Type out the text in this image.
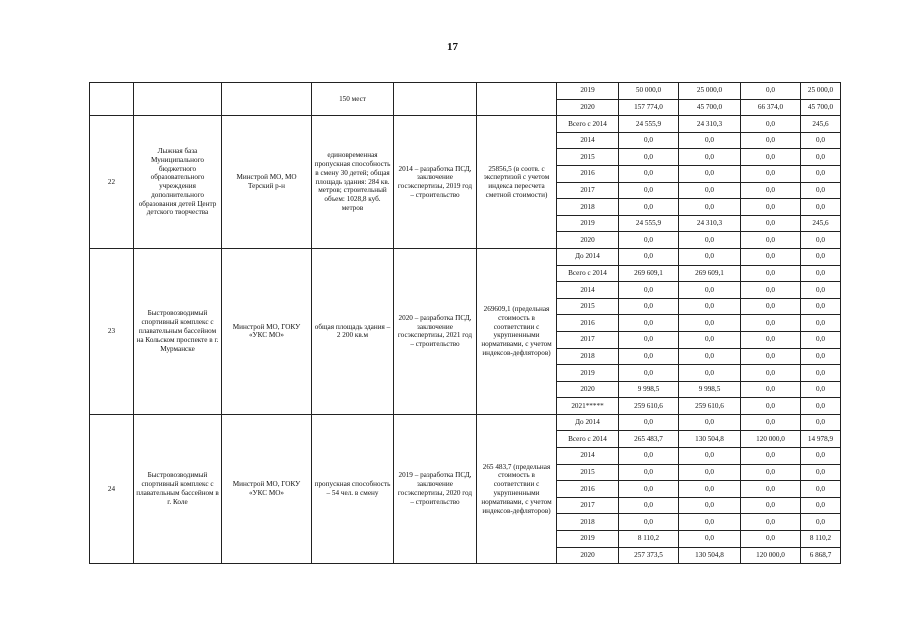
17
			150 мест			2019	50 000,0	25 000,0	0,0	25 000,0	
						2020	157 774,0	45 700,0	66 374,0	45 700,0	
22	Лыжная база Муниципального бюджетного образовательного учреждения дополнительного образования детей Центр детского творчества	Минстрой МО, МО Терский р-н	единовременная пропускная способность в смену 30 детей; общая площадь здания: 284 кв. метров; строительный объем: 1028,8 куб. метров	2014 – разработка ПСД, заключение госэкспертизы, 2019 год – строительство	25856,5 (в соотв. с экспертизой с учетом индекса пересчета сметной стоимости)	Всего с 2014	24 555,9	24 310,3	0,0	245,6	
						2014	0,0	0,0	0,0	0,0	
						2015	0,0	0,0	0,0	0,0	
						2016	0,0	0,0	0,0	0,0	
						2017	0,0	0,0	0,0	0,0	
						2018	0,0	0,0	0,0	0,0	
						2019	24 555,9	24 310,3	0,0	245,6	
						2020	0,0	0,0	0,0	0,0	
23	Быстровозводимый спортивный комплекс с плавательным бассейном на Кольском проспекте в г. Мурманске	Минстрой МО, ГОКУ «УКС МО»	общая площадь здания – 2 200 кв.м	2020 – разработка ПСД, заключение госэкспертизы, 2021 год – строительство	269609,1 (предельная стоимость в соответствии с укрупненными нормативами, с учетом индексов-дефляторов)	До 2014	0,0	0,0	0,0	0,0	
						Всего с 2014	269 609,1	269 609,1	0,0	0,0	
						2014	0,0	0,0	0,0	0,0	
						2015	0,0	0,0	0,0	0,0	
						2016	0,0	0,0	0,0	0,0	
						2017	0,0	0,0	0,0	0,0	
						2018	0,0	0,0	0,0	0,0	
						2019	0,0	0,0	0,0	0,0	
						2020	9 998,5	9 998,5	0,0	0,0	
						2021*****	259 610,6	259 610,6	0,0	0,0	
24	Быстровозводимый спортивный комплекс с плавательным бассейном в г. Коле	Минстрой МО, ГОКУ «УКС МО»	пропускная способность – 54 чел. в смену	2019 – разработка ПСД, заключение госэкспертизы, 2020 год – строительство	265 483,7 (предельная стоимость в соответствии с укрупненными нормативами, с учетом индексов-дефляторов)	До 2014	0,0	0,0	0,0	0,0	
						Всего с 2014	265 483,7	130 504,8	120 000,0	14 978,9	
						2014	0,0	0,0	0,0	0,0	
						2015	0,0	0,0	0,0	0,0	
						2016	0,0	0,0	0,0	0,0	
						2017	0,0	0,0	0,0	0,0	
						2018	0,0	0,0	0,0	0,0	
						2019	8 110,2	0,0	0,0	8 110,2	
						2020	257 373,5	130 504,8	120 000,0	6 868,7	
